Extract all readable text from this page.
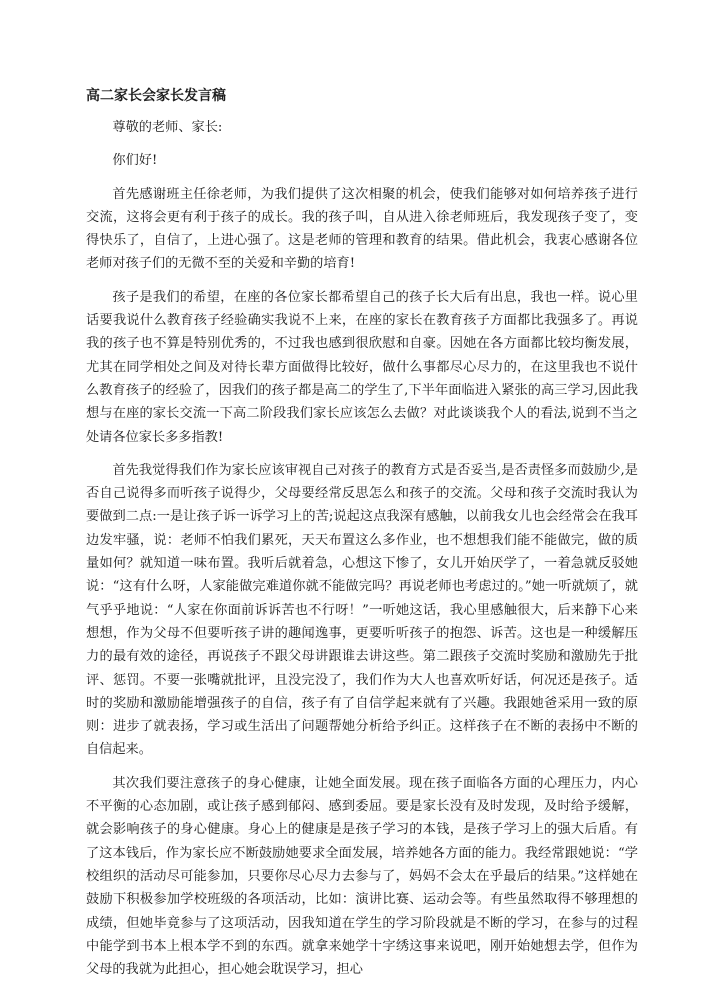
高二家长会家长发言稿

尊敬的老师、家长:

你们好!

首先感谢班主任徐老师，为我们提供了这次相聚的机会，使我们能够对如何培养孩子进行交流，这将会更有利于孩子的成长。我的孩子叫，自从进入徐老师班后，我发现孩子变了，变得快乐了，自信了，上进心强了。这是老师的管理和教育的结果。借此机会，我衷心感谢各位老师对孩子们的无微不至的关爱和辛勤的培育!

孩子是我们的希望，在座的各位家长都希望自己的孩子长大后有出息，我也一样。说心里话要我说什么教育孩子经验确实我说不上来，在座的家长在教育孩子方面都比我强多了。再说我的孩子也不算是特别优秀的，不过我也感到很欣慰和自豪。因她在各方面都比较均衡发展，尤其在同学相处之间及对待长辈方面做得比较好，做什么事都尽心尽力的，在这里我也不说什么教育孩子的经验了，因我们的孩子都是高二的学生了,下半年面临进入紧张的高三学习,因此我想与在座的家长交流一下高二阶段我们家长应该怎么去做？对此谈谈我个人的看法,说到不当之处请各位家长多多指教!

首先我觉得我们作为家长应该审视自己对孩子的教育方式是否妥当,是否责怪多而鼓励少,是否自己说得多而听孩子说得少，父母要经常反思怎么和孩子的交流。父母和孩子交流时我认为要做到二点:一是让孩子诉一诉学习上的苦;说起这点我深有感触，以前我女儿也会经常会在我耳边发牢骚，说：老师不怕我们累死，天天布置这么多作业，也不想想我们能不能做完，做的质量如何？就知道一味布置。我听后就着急，心想这下惨了，女儿开始厌学了，一着急就反驳她说：“这有什么呀，人家能做完难道你就不能做完吗？再说老师也考虑过的。”她一听就烦了，就气乎乎地说：“人家在你面前诉诉苦也不行呀！”一听她这话，我心里感触很大，后来静下心来想想，作为父母不但要听孩子讲的趣闻逸事，更要听听孩子的抱怨、诉苦。这也是一种缓解压力的最有效的途径，再说孩子不跟父母讲跟谁去讲这些。第二跟孩子交流时奖励和激励先于批评、惩罚。不要一张嘴就批评，且没完没了，我们作为大人也喜欢听好话，何况还是孩子。适时的奖励和激励能增强孩子的自信，孩子有了自信学起来就有了兴趣。我跟她爸采用一致的原则：进步了就表扬，学习或生活出了问题帮她分析给予纠正。这样孩子在不断的表扬中不断的自信起来。

其次我们要注意孩子的身心健康，让她全面发展。现在孩子面临各方面的心理压力，内心不平衡的心态加剧，或让孩子感到郁闷、感到委屈。要是家长没有及时发现，及时给予缓解，就会影响孩子的身心健康。身心上的健康是是孩子学习的本钱，是孩子学习上的强大后盾。有了这本钱后，作为家长应不断鼓励她要求全面发展，培养她各方面的能力。我经常跟她说：“学校组织的活动尽可能参加，只要你尽心尽力去参与了，妈妈不会太在乎最后的结果。”这样她在鼓励下积极参加学校班级的各项活动，比如：演讲比赛、运动会等。有些虽然取得不够理想的成绩，但她毕竟参与了这项活动，因我知道在学生的学习阶段就是不断的学习，在参与的过程中能学到书本上根本学不到的东西。就拿来她学十字绣这事来说吧，刚开始她想去学，但作为父母的我就为此担心，担心她会耽误学习，担心
